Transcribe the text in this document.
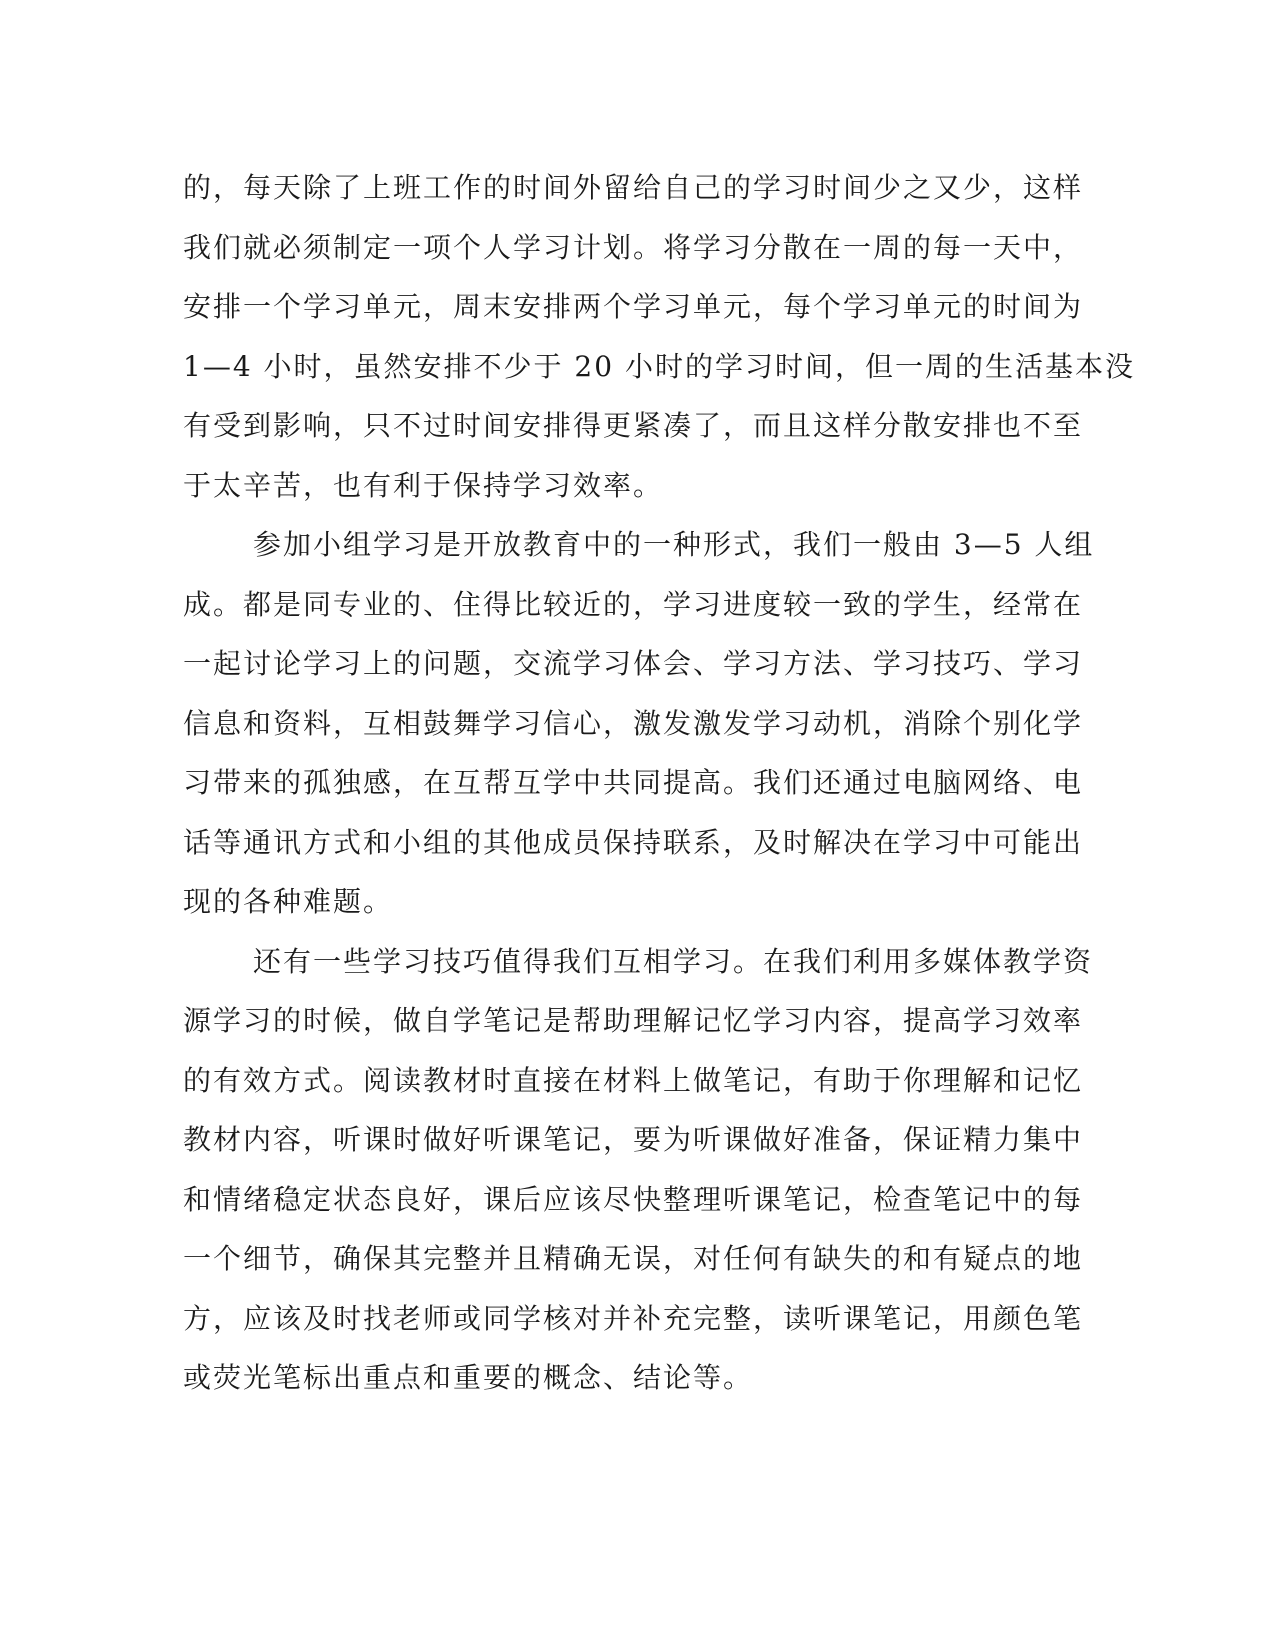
的，每天除了上班工作的时间外留给自己的学习时间少之又少，这样
我们就必须制定一项个人学习计划。将学习分散在一周的每一天中，
安排一个学习单元，周末安排两个学习单元，每个学习单元的时间为
1—4 小时，虽然安排不少于 20 小时的学习时间，但一周的生活基本没
有受到影响，只不过时间安排得更紧凑了，而且这样分散安排也不至
于太辛苦，也有利于保持学习效率。
参加小组学习是开放教育中的一种形式，我们一般由 3—5 人组
成。都是同专业的、住得比较近的，学习进度较一致的学生，经常在
一起讨论学习上的问题，交流学习体会、学习方法、学习技巧、学习
信息和资料，互相鼓舞学习信心，激发激发学习动机，消除个别化学
习带来的孤独感，在互帮互学中共同提高。我们还通过电脑网络、电
话等通讯方式和小组的其他成员保持联系，及时解决在学习中可能出
现的各种难题。
还有一些学习技巧值得我们互相学习。在我们利用多媒体教学资
源学习的时候，做自学笔记是帮助理解记忆学习内容，提高学习效率
的有效方式。阅读教材时直接在材料上做笔记，有助于你理解和记忆
教材内容，听课时做好听课笔记，要为听课做好准备，保证精力集中
和情绪稳定状态良好，课后应该尽快整理听课笔记，检查笔记中的每
一个细节，确保其完整并且精确无误，对任何有缺失的和有疑点的地
方，应该及时找老师或同学核对并补充完整，读听课笔记，用颜色笔
或荧光笔标出重点和重要的概念、结论等。
